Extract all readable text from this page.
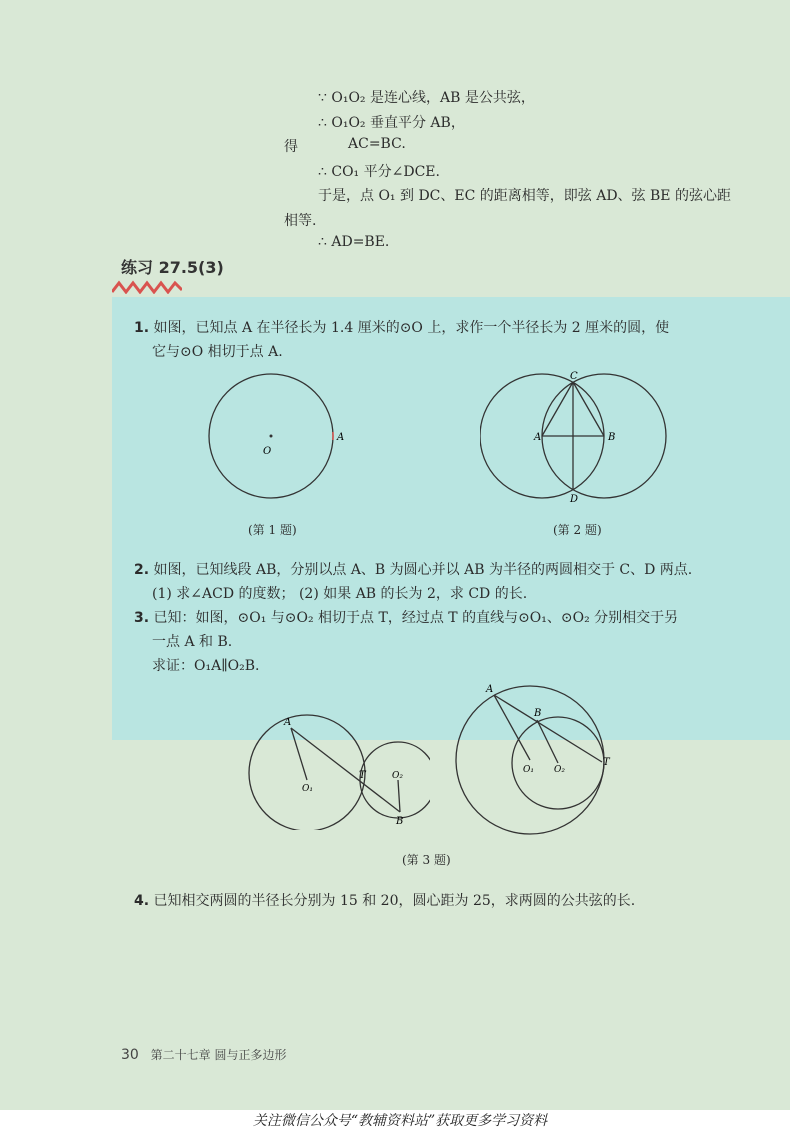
∵ O₁O₂ 是连心线，AB 是公共弦，
∴ O₁O₂ 垂直平分 AB，
得	AC=BC.
∴ CO₁ 平分∠DCE.
于是，点 O₁ 到 DC、EC 的距离相等，即弦 AD、弦 BE 的弦心距
相等.
∴ AD=BE.
练习 27.5(3)
1. 如图，已知点 A 在半径长为 1.4 厘米的⊙O 上，求作一个半径长为 2 厘米的圆，使
它与⊙O 相切于点 A.
O
A
(第 1 题)
C
A	B
D
(第 2 题)
2. 如图，已知线段 AB，分别以点 A、B 为圆心并以 AB 为半径的两圆相交于 C、D 两点.
(1) 求∠ACD 的度数； (2) 如果 AB 的长为 2，求 CD 的长.
3. 已知：如图，⊙O₁ 与⊙O₂ 相切于点 T，经过点 T 的直线与⊙O₁、⊙O₂ 分别相交于另
一点 A 和 B.
求证：O₁A∥O₂B.
A
O₁
T	O₂
B
A
B
O₁ O₂
T
(第 3 题)
4. 已知相交两圆的半径长分别为 15 和 20，圆心距为 25，求两圆的公共弦的长.
30 第二十七章 圆与正多边形
关注微信公众号“教辅资料站”获取更多学习资料
